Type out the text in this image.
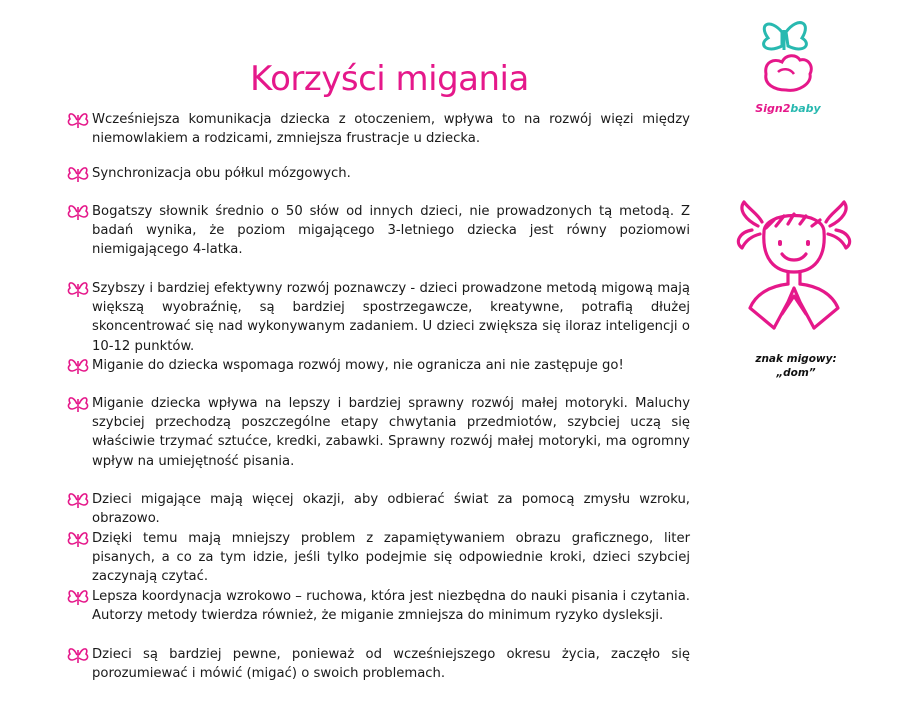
Korzyści migania
Sign2baby
Wcześniejsza komunikacja dziecka z otoczeniem, wpływa to na rozwój więzi między niemowlakiem a rodzicami, zmniejsza frustracje u dziecka.
Synchronizacja obu półkul mózgowych.
Bogatszy słownik średnio o 50 słów od innych dzieci, nie prowadzonych tą metodą. Z badań wynika, że poziom migającego 3-letniego dziecka jest równy poziomowi niemigającego 4-latka.
Szybszy i bardziej efektywny rozwój poznawczy - dzieci prowadzone metodą migową mają większą wyobraźnię, są bardziej spostrzegawcze, kreatywne, potrafią dłużej skoncentrować się nad wykonywanym zadaniem. U dzieci zwiększa się iloraz inteligencji o 10-12 punktów.
Miganie do dziecka wspomaga rozwój mowy, nie ogranicza ani nie zastępuje go!
Miganie dziecka wpływa na lepszy i bardziej sprawny rozwój małej motoryki. Maluchy szybciej przechodzą poszczególne etapy chwytania przedmiotów, szybciej uczą się właściwie trzymać sztućce, kredki, zabawki. Sprawny rozwój małej motoryki, ma ogromny wpływ na umiejętność pisania.
Dzieci migające mają więcej okazji, aby odbierać świat za pomocą zmysłu wzroku, obrazowo.
Dzięki temu mają mniejszy problem z zapamiętywaniem obrazu graficznego, liter pisanych, a co za tym idzie, jeśli tylko podejmie się odpowiednie kroki, dzieci szybciej zaczynają czytać.
Lepsza koordynacja wzrokowo – ruchowa, która jest niezbędna do nauki pisania i czytania. Autorzy metody twierdza również, że miganie zmniejsza do minimum ryzyko dysleksji.
Dzieci są bardziej pewne, ponieważ od wcześniejszego okresu życia, zaczęło się porozumiewać i mówić (migać) o swoich problemach.
znak migowy:
„dom”
